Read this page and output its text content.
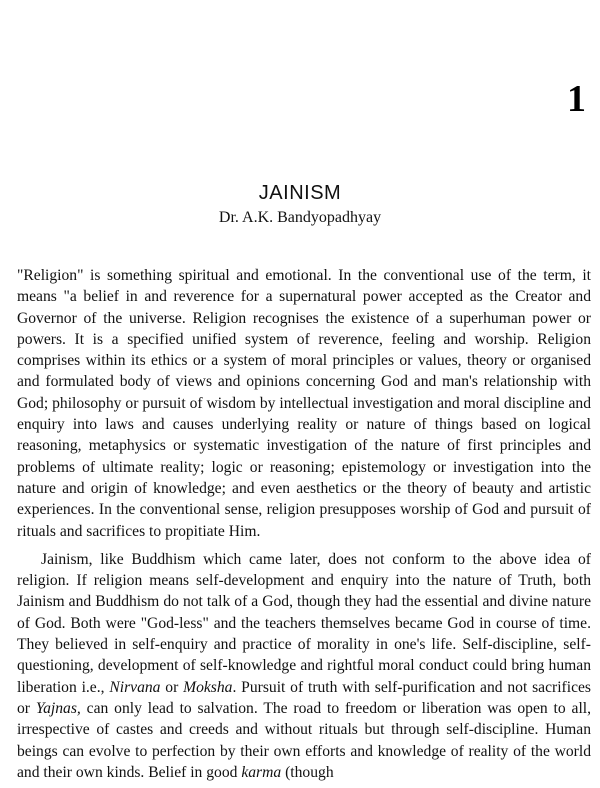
1
JAINISM
Dr. A.K. Bandyopadhyay

"Religion" is something spiritual and emotional. In the conventional use of the term, it means "a belief in and reverence for a supernatural power accepted as the Creator and Governor of the universe. Religion recognises the existence of a superhuman power or powers. It is a specified unified system of reverence, feeling and worship. Religion comprises within its ethics or a system of moral principles or values, theory or organised and formulated body of views and opinions concerning God and man's relationship with God; philosophy or pursuit of wisdom by intellectual investigation and moral discipline and enquiry into laws and causes underlying reality or nature of things based on logical reasoning, metaphysics or systematic investigation of the nature of first principles and problems of ultimate reality; logic or reasoning; epistemology or investigation into the nature and origin of knowledge; and even aesthetics or the theory of beauty and artistic experiences. In the conventional sense, religion presupposes worship of God and pursuit of rituals and sacrifices to propitiate Him.

Jainism, like Buddhism which came later, does not conform to the above idea of religion. If religion means self-development and enquiry into the nature of Truth, both Jainism and Buddhism do not talk of a God, though they had the essential and divine nature of God. Both were "God-less" and the teachers themselves became God in course of time. They believed in self-enquiry and practice of morality in one's life. Self-discipline, self-questioning, development of self-knowledge and rightful moral conduct could bring human liberation i.e., Nirvana or Moksha. Pursuit of truth with self-purification and not sacrifices or Yajnas, can only lead to salvation. The road to freedom or liberation was open to all, irrespective of castes and creeds and without rituals but through self-discipline. Human beings can evolve to perfection by their own efforts and knowledge of reality of the world and their own kinds. Belief in good karma (though
